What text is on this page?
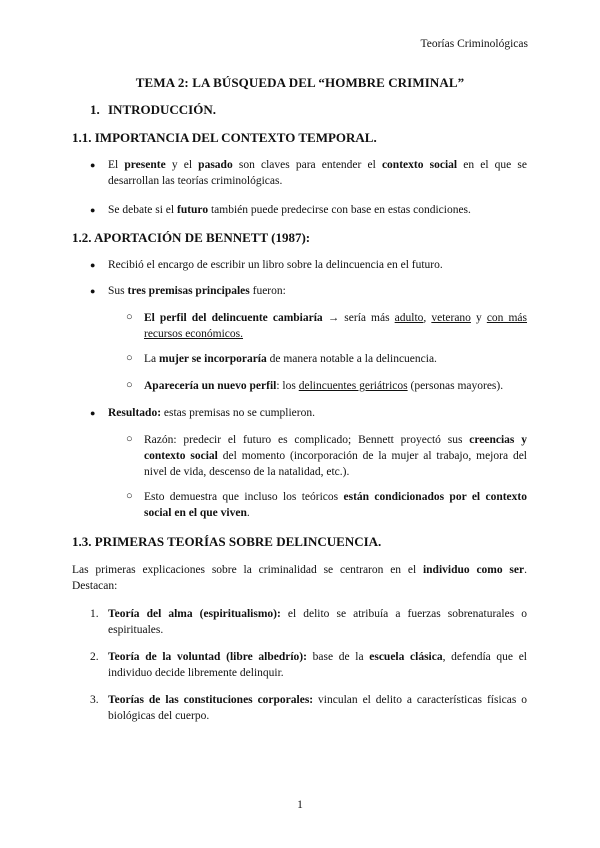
Teorías Criminológicas
TEMA 2: LA BÚSQUEDA DEL “HOMBRE CRIMINAL”
1. INTRODUCCIÓN.
1.1. IMPORTANCIA DEL CONTEXTO TEMPORAL.
● El presente y el pasado son claves para entender el contexto social en el que se desarrollan las teorías criminológicas.
● Se debate si el futuro también puede predecirse con base en estas condiciones.
1.2. APORTACIÓN DE BENNETT (1987):
● Recibió el encargo de escribir un libro sobre la delincuencia en el futuro.
● Sus tres premisas principales fueron:
○ El perfil del delincuente cambiaría → sería más adulto, veterano y con más recursos económicos.
○ La mujer se incorporaría de manera notable a la delincuencia.
○ Aparecería un nuevo perfil: los delincuentes geriátricos (personas mayores).
● Resultado: estas premisas no se cumplieron.
○ Razón: predecir el futuro es complicado; Bennett proyectó sus creencias y contexto social del momento (incorporación de la mujer al trabajo, mejora del nivel de vida, descenso de la natalidad, etc.).
○ Esto demuestra que incluso los teóricos están condicionados por el contexto social en el que viven.
1.3. PRIMERAS TEORÍAS SOBRE DELINCUENCIA.
Las primeras explicaciones sobre la criminalidad se centraron en el individuo como ser. Destacan:
1. Teoría del alma (espiritualismo): el delito se atribuía a fuerzas sobrenaturales o espirituales.
2. Teoría de la voluntad (libre albedrío): base de la escuela clásica, defendía que el individuo decide libremente delinquir.
3. Teorías de las constituciones corporales: vinculan el delito a características físicas o biológicas del cuerpo.
1
